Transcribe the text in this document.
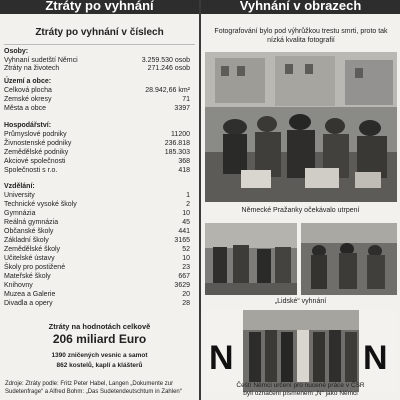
Ztráty po vyhnání	Vyhnání v obrazech
Ztráty po vyhnání v číslech
Osoby:
Vyhnaní sudetští Němci	3.259.530 osob
Ztráty na životech	271.246 osob
Území a obce:
Celková plocha	28.942,66 km²
Zemské okresy	71
Města a obce	3397
Hospodářství:
Průmyslové podniky	11200
Živnostenské podniky	236.818
Zemědělské podniky	185.303
Akciové společnosti	368
Společnosti s r.o.	418
Vzdělání:
University	1
Technické vysoké školy	2
Gymnázia	10
Reálná gymnázia	45
Občanské školy	441
Základní školy	3165
Zemědělské školy	52
Učitelské ústavy	10
Školy pro postižené	23
Mateřské školy	667
Knihovny	3629
Muzea a Galerie	20
Divadla a opery	28
Ztráty na hodnotách celkově
206 miliard Euro
1390 zničených vesnic a samot
862 kostelů, kaplí a klášterů
Zdroje: Ztráty podle: Fritz Peter Habel, Langen „Dokumente zur Sudetenfrage“ a Alfred Bohm: „Das Sudetendeutschtum in Zahlen“
Fotografování bylo pod výhrůžkou trestu smrti, proto tak nízká kvalita fotografií
Německé Pražanky očekávalo utrpení
„Lidské“ vyhnání
N	N
Čeští Němci určení pro nucené práce v ČSR
byli označeni písmenem „N“ jako Němci
